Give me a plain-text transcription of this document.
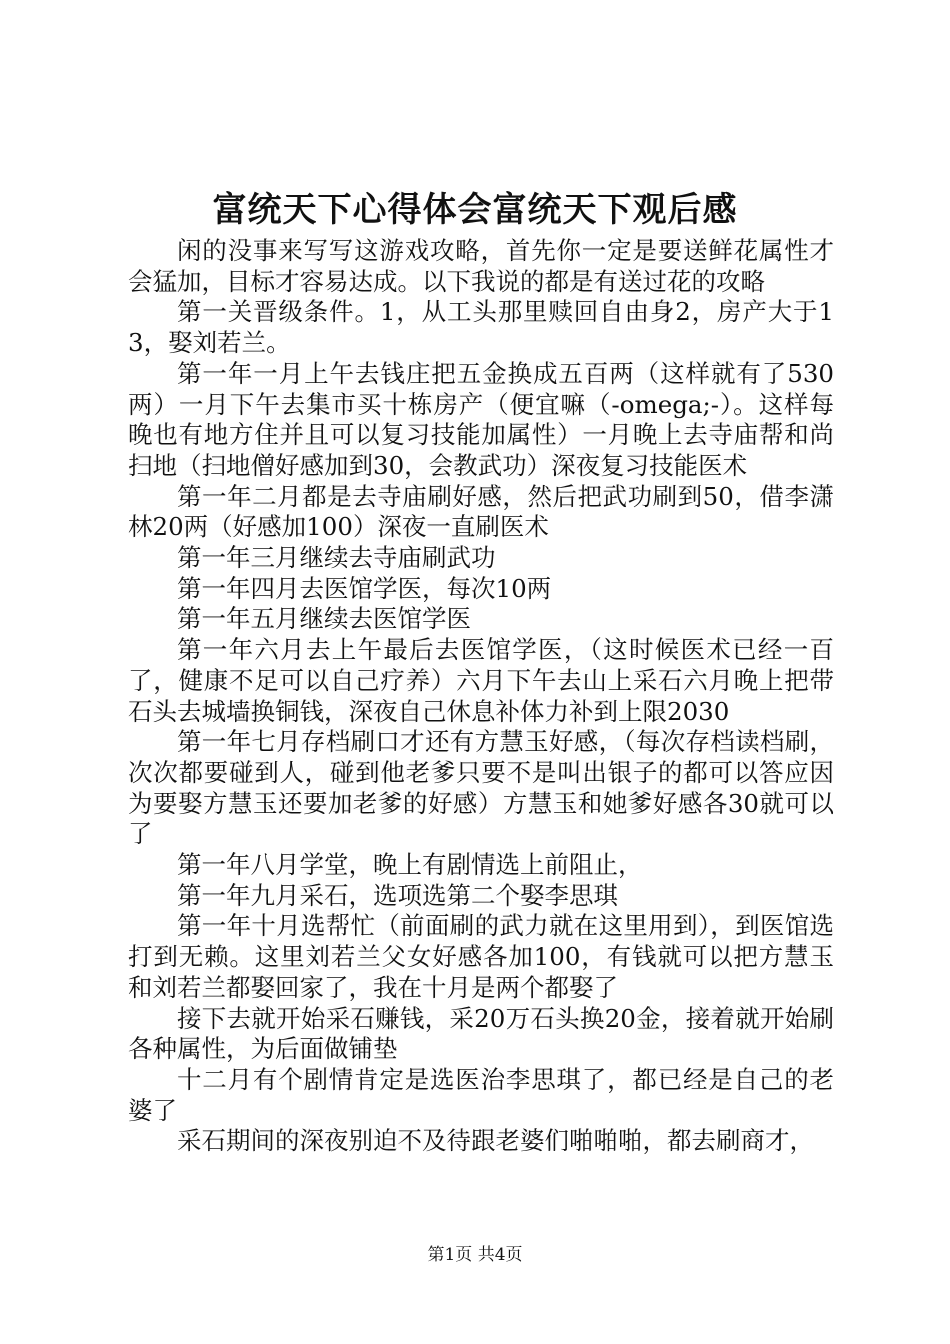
富统天下心得体会富统天下观后感

闲的没事来写写这游戏攻略，首先你一定是要送鲜花属性才会猛加，目标才容易达成。以下我说的都是有送过花的攻略

第一关晋级条件。1，从工头那里赎回自由身2，房产大于13，娶刘若兰。

第一年一月上午去钱庄把五金换成五百两（这样就有了530两）一月下午去集市买十栋房产（便宜嘛（-omega;-）。这样每晚也有地方住并且可以复习技能加属性）一月晚上去寺庙帮和尚扫地（扫地僧好感加到30，会教武功）深夜复习技能医术

第一年二月都是去寺庙刷好感，然后把武功刷到50，借李潇林20两（好感加100）深夜一直刷医术

第一年三月继续去寺庙刷武功

第一年四月去医馆学医，每次10两

第一年五月继续去医馆学医

第一年六月去上午最后去医馆学医，（这时候医术已经一百了，健康不足可以自己疗养）六月下午去山上采石六月晚上把带石头去城墙换铜钱，深夜自己休息补体力补到上限2030

第一年七月存档刷口才还有方慧玉好感，（每次存档读档刷，次次都要碰到人，碰到他老爹只要不是叫出银子的都可以答应因为要娶方慧玉还要加老爹的好感）方慧玉和她爹好感各30就可以了

第一年八月学堂，晚上有剧情选上前阻止，

第一年九月采石，选项选第二个娶李思琪

第一年十月选帮忙（前面刷的武力就在这里用到），到医馆选打到无赖。这里刘若兰父女好感各加100，有钱就可以把方慧玉和刘若兰都娶回家了，我在十月是两个都娶了

接下去就开始采石赚钱，采20万石头换20金，接着就开始刷各种属性，为后面做铺垫

十二月有个剧情肯定是选医治李思琪了，都已经是自己的老婆了

采石期间的深夜别迫不及待跟老婆们啪啪啪，都去刷商才，

第1页 共4页
